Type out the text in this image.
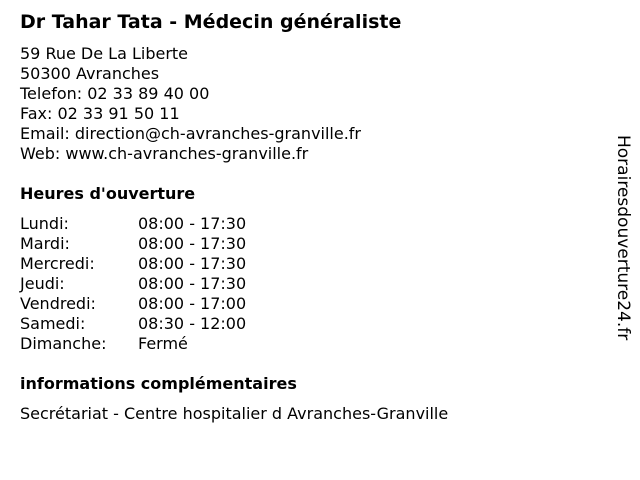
Dr Tahar Tata - Médecin généraliste
59 Rue De La Liberte
50300 Avranches
Telefon: 02 33 89 40 00
Fax: 02 33 91 50 11
Email: direction@ch-avranches-granville.fr
Web: www.ch-avranches-granville.fr
Heures d'ouverture
Lundi:	08:00 - 17:30
Mardi:	08:00 - 17:30
Mercredi:	08:00 - 17:30
Jeudi:	08:00 - 17:30
Vendredi:	08:00 - 17:00
Samedi:	08:30 - 12:00
Dimanche:	Fermé
informations complémentaires
Secrétariat - Centre hospitalier d Avranches-Granville
Horairesdouverture24.fr
